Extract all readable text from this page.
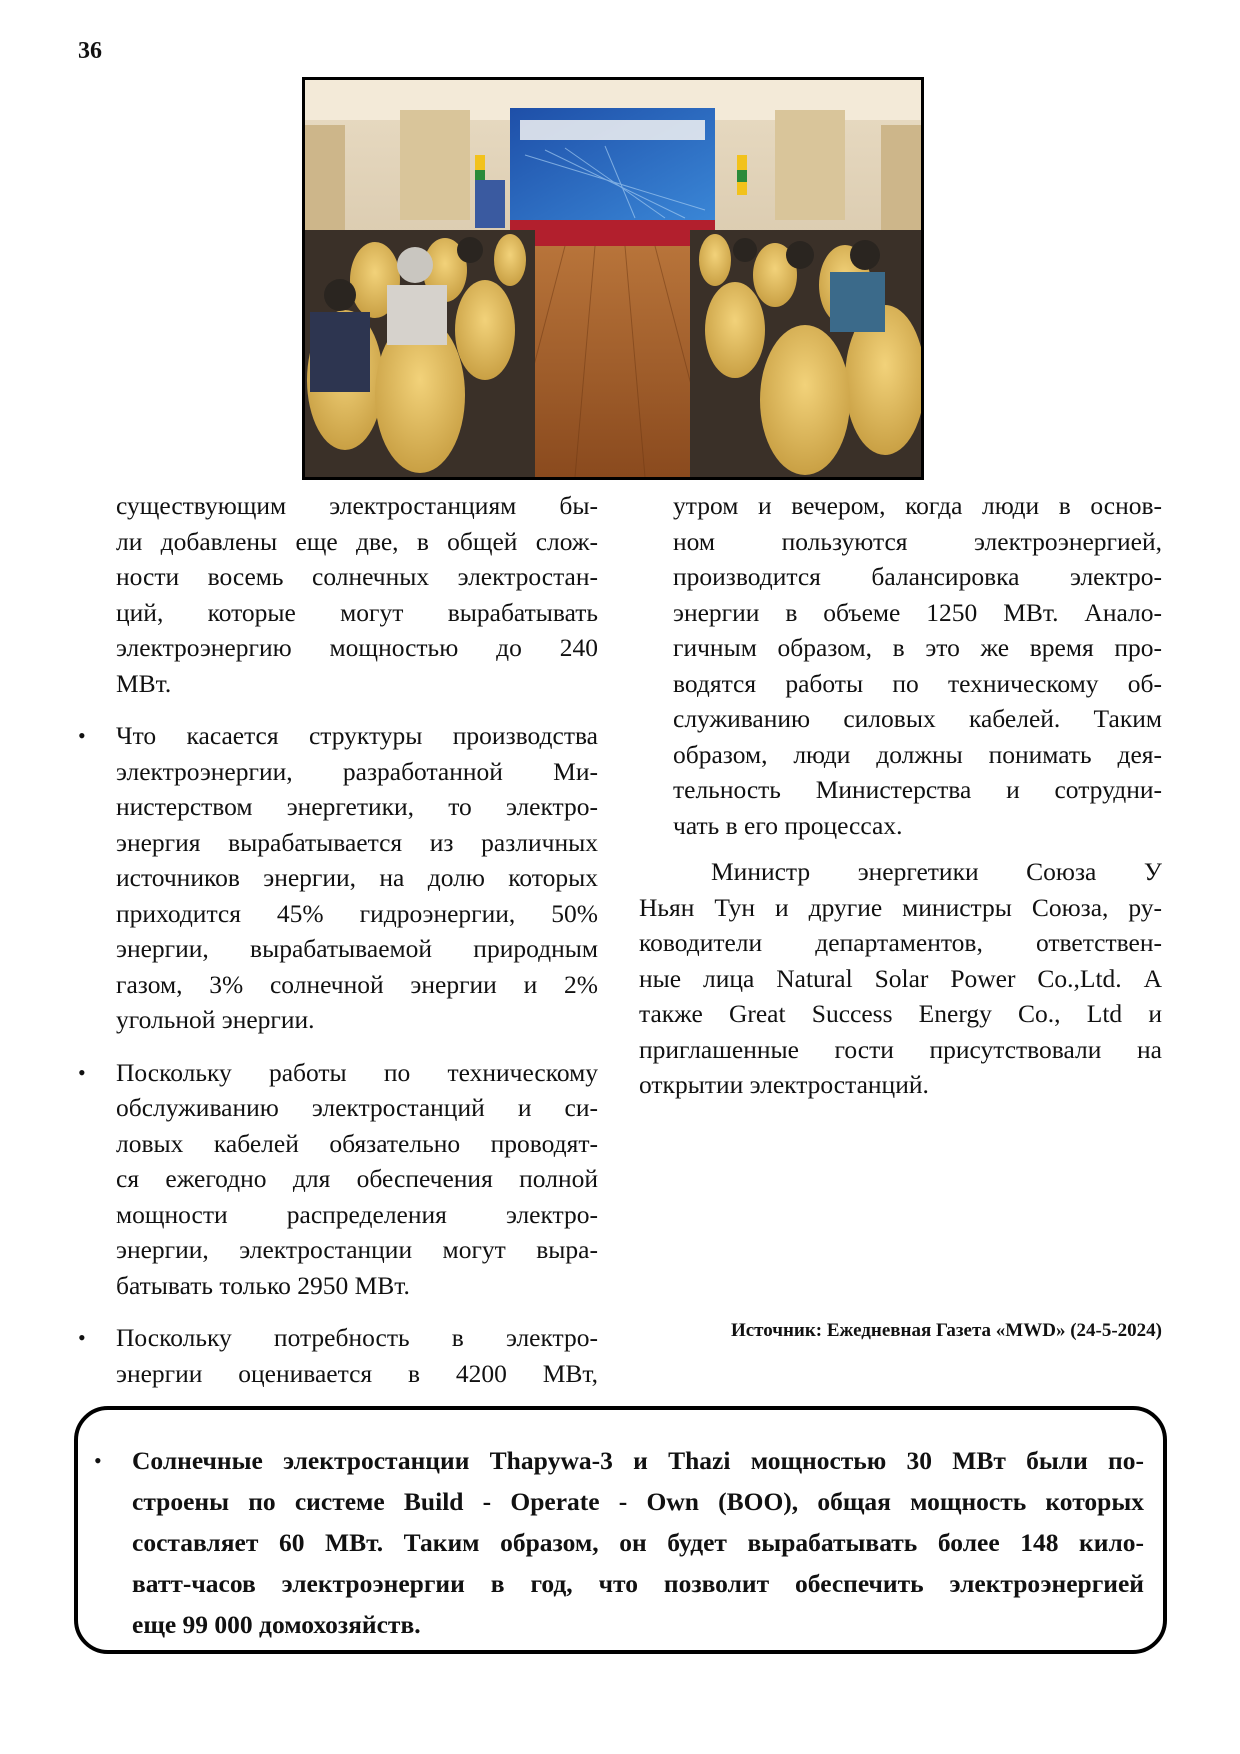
36

существующим электростанциям бы-

ли добавлены еще две, в общей слож-

ности восемь солнечных электростан-

ций, которые могут вырабатывать

электроэнергию мощностью до 240

МВт.

• Что касается структуры производства

электроэнергии, разработанной Ми-

нистерством энергетики, то электро-

энергия вырабатывается из различных

источников энергии, на долю которых

приходится 45% гидроэнергии, 50%

энергии, вырабатываемой природным

газом, 3% солнечной энергии и 2%

угольной энергии.

• Поскольку работы по техническому

обслуживанию электростанций и си-

ловых кабелей обязательно проводят-

ся ежегодно для обеспечения полной

мощности распределения электро-

энергии, электростанции могут выра-

батывать только 2950 МВт.

• Поскольку потребность в электро-

энергии оценивается в 4200 МВт,

утром и вечером, когда люди в основ-

ном пользуются электроэнергией,

производится балансировка электро-

энергии в объеме 1250 МВт. Анало-

гичным образом, в это же время про-

водятся работы по техническому об-

служиванию силовых кабелей. Таким

образом, люди должны понимать дея-

тельность Министерства и сотрудни-

чать в его процессах.

Министр энергетики Союза У

Ньян Тун и другие министры Союза, ру-

ководители департаментов, ответствен-

ные лица Natural Solar Power Co.,Ltd. А

также Great Success Energy Co., Ltd и

приглашенные гости присутствовали на

открытии электростанций.

Источник: Ежедневная Газета «MWD» (24-5-2024)
• Солнечные электростанции Thapywa-3 и Thazi мощностью 30 МВт были по-
строены по системе Build - Operate - Own (BOO), общая мощность которых
составляет 60 МВт. Таким образом, он будет вырабатывать более 148 кило-
ватт-часов электроэнергии в год, что позволит обеспечить электроэнергией
еще 99 000 домохозяйств.
